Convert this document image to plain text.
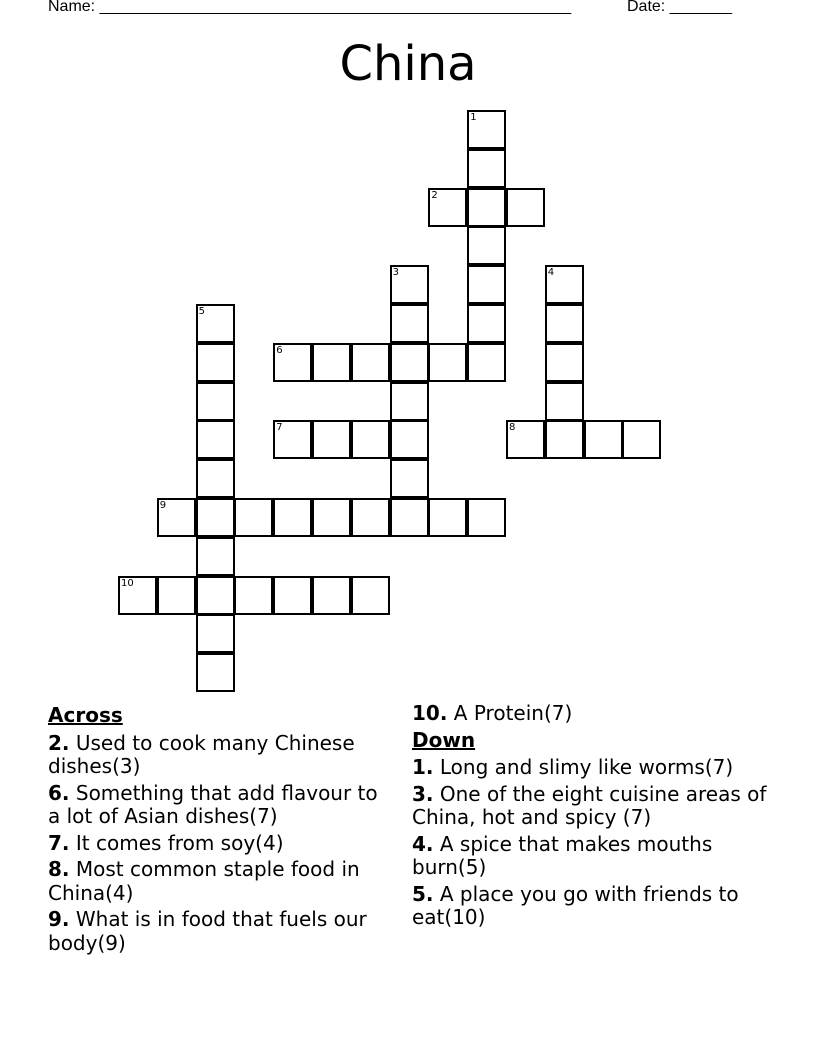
Name: _____________________________________________________	Date: _______
China
1
2
3	4
5
6
7	8
9
10
Across
2. Used to cook many Chinese dishes(3)
6. Something that add flavour to a lot of Asian dishes(7)
7. It comes from soy(4)
8. Most common staple food in China(4)
9. What is in food that fuels our body(9)
10. A Protein(7)
Down
1. Long and slimy like worms(7)
3. One of the eight cuisine areas of China, hot and spicy (7)
4. A spice that makes mouths burn(5)
5. A place you go with friends to eat(10)
